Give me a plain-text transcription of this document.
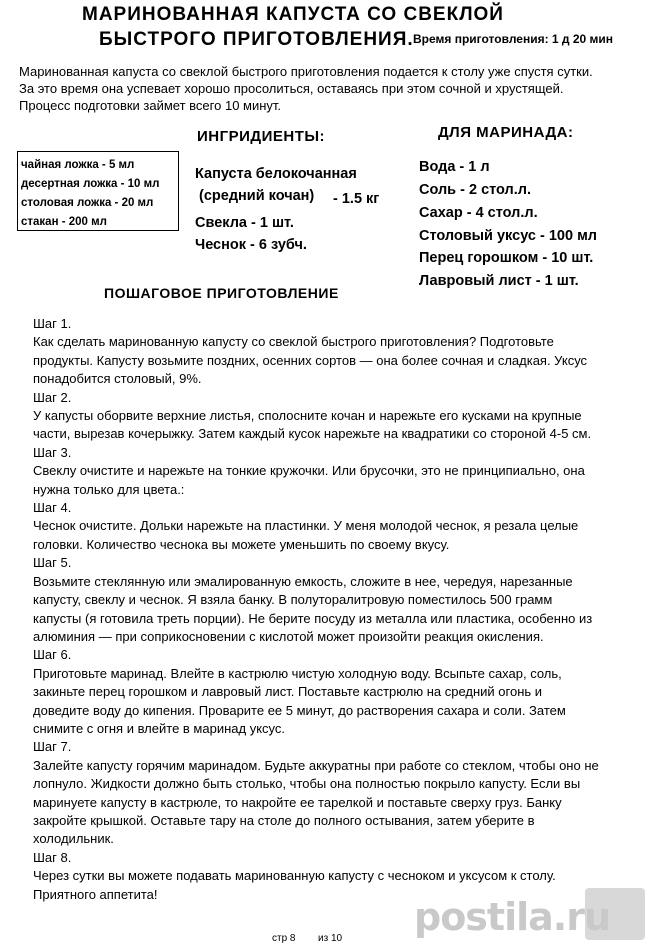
МАРИНОВАННАЯ КАПУСТА СО СВЕКЛОЙ
БЫСТРОГО ПРИГОТОВЛЕНИЯ. Время приготовления: 1 д 20 мин
Маринованная капуста со свеклой быстрого приготовления подается к столу уже спустя сутки.
За это время она успевает хорошо просолиться, оставаясь при этом сочной и хрустящей.
Процесс подготовки займет всего 10 минут.
чайная ложка - 5 мл
десертная ложка - 10 мл
столовая ложка - 20 мл
стакан - 200 мл
ИНГРИДИЕНТЫ:
Капуста белокочанная
(средний кочан) - 1.5 кг
Свекла - 1 шт.
Чеснок - 6 зубч.
ДЛЯ МАРИНАДА:
Вода - 1 л
Соль - 2 стол.л.
Сахар - 4 стол.л.
Столовый уксус - 100 мл
Перец горошком - 10 шт.
Лавровый лист - 1 шт.
ПОШАГОВОЕ ПРИГОТОВЛЕНИЕ

Шаг 1.

Как сделать маринованную капусту со свеклой быстрого приготовления? Подготовьте

продукты. Капусту возьмите поздних, осенних сортов — она более сочная и сладкая. Уксус

понадобится столовый, 9%.

Шаг 2.

У капусты оборвите верхние листья, сполосните кочан и нарежьте его кусками на крупные

части, вырезав кочерыжку. Затем каждый кусок нарежьте на квадратики со стороной 4-5 см.

Шаг 3.

Свеклу очистите и нарежьте на тонкие кружочки. Или брусочки, это не принципиально, она

нужна только для цвета.:

Шаг 4.

Чеснок очистите. Дольки нарежьте на пластинки. У меня молодой чеснок, я резала целые

головки. Количество чеснока вы можете уменьшить по своему вкусу.

Шаг 5.

Возьмите стеклянную или эмалированную емкость, сложите в нее, чередуя, нарезанные

капусту, свеклу и чеснок. Я взяла банку. В полуторалитровую поместилось 500 грамм

капусты (я готовила треть порции). Не берите посуду из металла или пластика, особенно из

алюминия — при соприкосновении с кислотой может произойти реакция окисления.

Шаг 6.

Приготовьте маринад. Влейте в кастрюлю чистую холодную воду. Всыпьте сахар, соль,

закиньте перец горошком и лавровый лист. Поставьте кастрюлю на средний огонь и

доведите воду до кипения. Проварите ее 5 минут, до растворения сахара и соли. Затем

снимите с огня и влейте в маринад уксус.

Шаг 7.

Залейте капусту горячим маринадом. Будьте аккуратны при работе со стеклом, чтобы оно не

лопнуло. Жидкости должно быть столько, чтобы она полностью покрыло капусту. Если вы

маринуете капусту в кастрюле, то накройте ее тарелкой и поставьте сверху груз. Банку

закройте крышкой. Оставьте тару на столе до полного остывания, затем уберите в

холодильник.

Шаг 8.

Через сутки вы можете подавать маринованную капусту с чесноком и уксусом к столу.

Приятного аппетита!

postila.ru
стр 8 из 10
